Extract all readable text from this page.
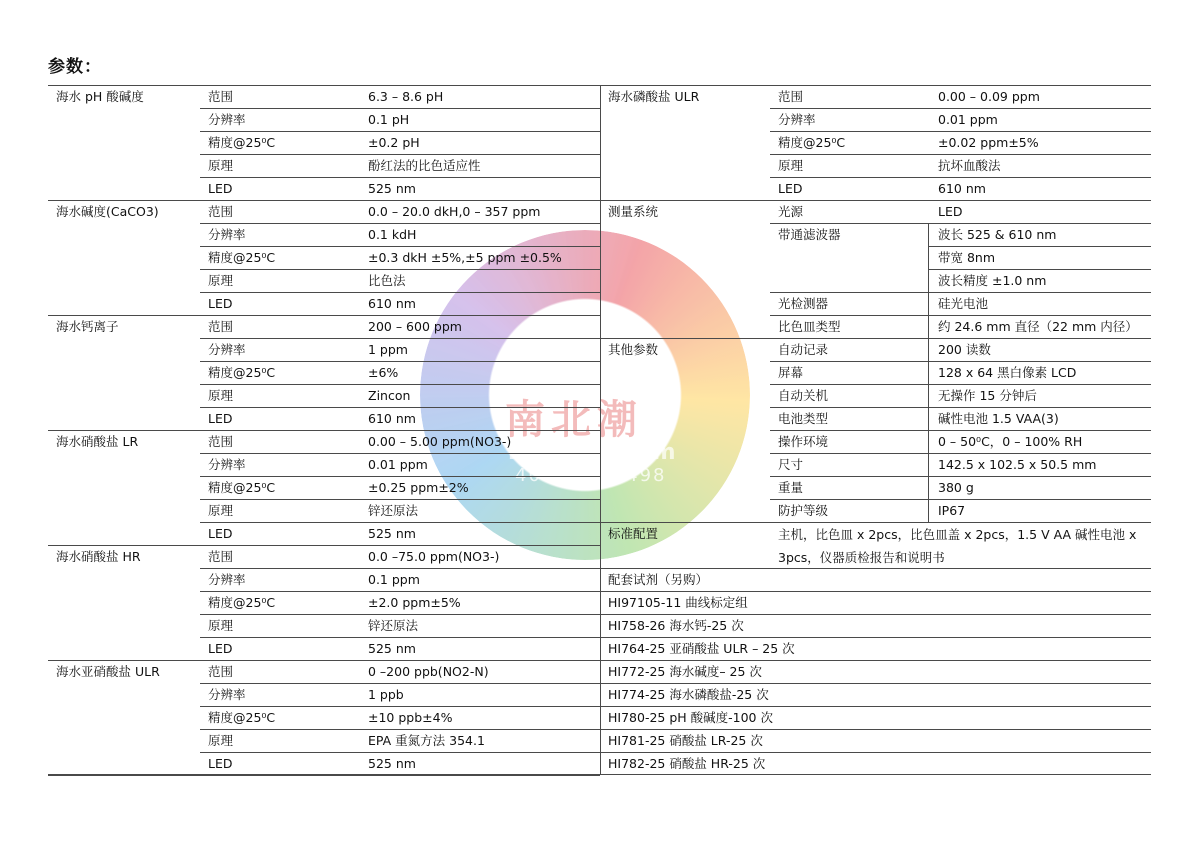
南北潮
nbchao.com
400-600-7498
参数：
海水 pH 酸碱度	范围	6.3 – 8.6 pH
分辨率	0.1 pH
精度@25⁰C	±0.2 pH
原理	酚红法的比色适应性
LED	525 nm
海水碱度(CaCO3)	范围	0.0 – 20.0 dkH,0 – 357 ppm
分辨率	0.1 kdH
精度@25⁰C	±0.3 dkH ±5%,±5 ppm ±0.5%
原理	比色法
LED	610 nm
海水钙离子	范围	200 – 600 ppm
分辨率	1 ppm
精度@25⁰C	±6%
原理	Zincon
LED	610 nm
海水硝酸盐 LR	范围	0.00 – 5.00 ppm(NO3-)
分辨率	0.01 ppm
精度@25⁰C	±0.25 ppm±2%
原理	锌还原法
LED	525 nm
海水硝酸盐 HR	范围	0.0 –75.0 ppm(NO3-)
分辨率	0.1 ppm
精度@25⁰C	±2.0 ppm±5%
原理	锌还原法
LED	525 nm
海水亚硝酸盐 ULR	范围	0 –200 ppb(NO2-N)
分辨率	1 ppb
精度@25⁰C	±10 ppb±4%
原理	EPA 重氮方法 354.1
LED	525 nm
海水磷酸盐 ULR	范围	0.00 – 0.09 ppm
分辨率	0.01 ppm
精度@25⁰C	±0.02 ppm±5%
原理	抗坏血酸法
LED	610 nm
测量系统	光源	LED
带通滤波器	波长 525 & 610 nm
带宽 8nm
波长精度 ±1.0 nm
光检测器	硅光电池
比色皿类型	约 24.6 mm 直径（22 mm 内径）
其他参数	自动记录	200 读数
屏幕	128 x 64 黑白像素 LCD
自动关机	无操作 15 分钟后
电池类型	碱性电池 1.5 VAA(3)
操作环境	0 – 50⁰C，0 – 100% RH
尺寸	142.5 x 102.5 x 50.5 mm
重量	380 g
防护等级	IP67
标准配置	主机，比色皿 x 2pcs，比色皿盖 x 2pcs，1.5 V AA 碱性电池 x 3pcs，仪器质检报告和说明书
配套试剂（另购）
HI97105-11 曲线标定组
HI758-26 海水钙-25 次
HI764-25 亚硝酸盐 ULR – 25 次
HI772-25 海水碱度– 25 次
HI774-25 海水磷酸盐-25 次
HI780-25 pH 酸碱度-100 次
HI781-25 硝酸盐 LR-25 次
HI782-25 硝酸盐 HR-25 次
